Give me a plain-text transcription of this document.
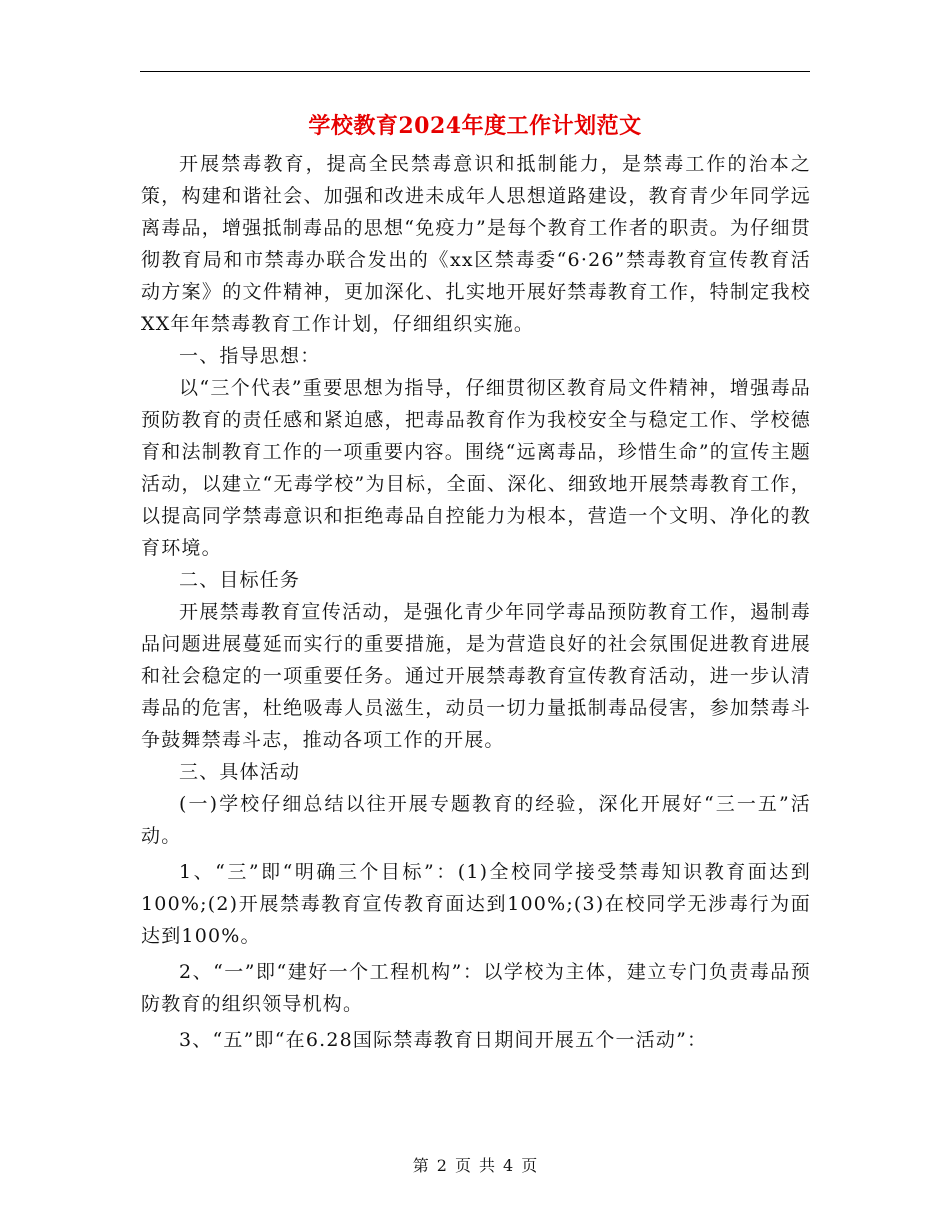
学校教育2024年度工作计划范文

开展禁毒教育，提高全民禁毒意识和抵制能力，是禁毒工作的治本之策，构建和谐社会、加强和改进未成年人思想道路建设，教育青少年同学远离毒品，增强抵制毒品的思想“免疫力”是每个教育工作者的职责。为仔细贯彻教育局和市禁毒办联合发出的《xx区禁毒委“6·26”禁毒教育宣传教育活动方案》的文件精神，更加深化、扎实地开展好禁毒教育工作，特制定我校XX年年禁毒教育工作计划，仔细组织实施。

一、指导思想：

以“三个代表”重要思想为指导，仔细贯彻区教育局文件精神，增强毒品预防教育的责任感和紧迫感，把毒品教育作为我校安全与稳定工作、学校德育和法制教育工作的一项重要内容。围绕“远离毒品，珍惜生命”的宣传主题活动，以建立“无毒学校”为目标，全面、深化、细致地开展禁毒教育工作，以提高同学禁毒意识和拒绝毒品自控能力为根本，营造一个文明、净化的教育环境。

二、目标任务

开展禁毒教育宣传活动，是强化青少年同学毒品预防教育工作，遏制毒品问题进展蔓延而实行的重要措施，是为营造良好的社会氛围促进教育进展和社会稳定的一项重要任务。通过开展禁毒教育宣传教育活动，进一步认清毒品的危害，杜绝吸毒人员滋生，动员一切力量抵制毒品侵害，参加禁毒斗争鼓舞禁毒斗志，推动各项工作的开展。

三、具体活动

(一)学校仔细总结以往开展专题教育的经验，深化开展好“三一五”活动。

1、“三”即“明确三个目标”：(1)全校同学接受禁毒知识教育面达到100%;(2)开展禁毒教育宣传教育面达到100%;(3)在校同学无涉毒行为面达到100%。

2、“一”即“建好一个工程机构”：以学校为主体，建立专门负责毒品预防教育的组织领导机构。

3、“五”即“在6.28国际禁毒教育日期间开展五个一活动”：

第 2 页 共 4 页
